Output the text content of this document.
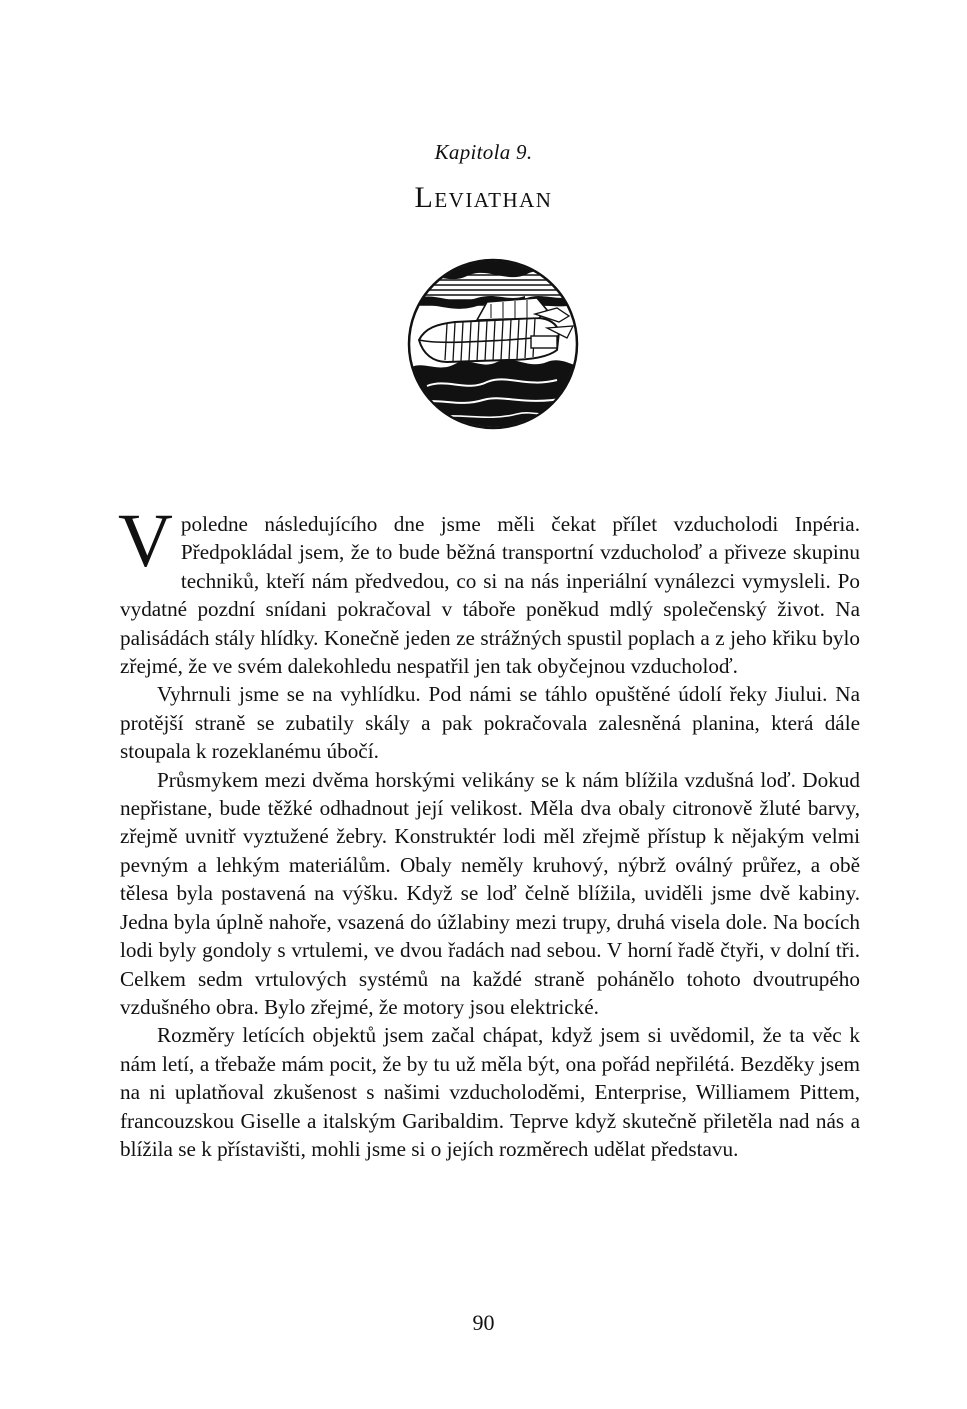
Kapitola 9.
Leviathan

V poledne následujícího dne jsme měli čekat přílet vzducholodi Inpéria. Předpokládal jsem, že to bude běžná transportní vzducholoď a přiveze skupinu techniků, kteří nám předvedou, co si na nás inperiální vynálezci vymysleli. Po vydatné pozdní snídani pokračoval v táboře poněkud mdlý společenský život. Na palisádách stály hlídky. Konečně jeden ze strážných spustil poplach a z jeho křiku bylo zřejmé, že ve svém dalekohledu nespatřil jen tak obyčejnou vzducholoď.

Vyhrnuli jsme se na vyhlídku. Pod námi se táhlo opuštěné údolí řeky Jiului. Na protější straně se zubatily skály a pak pokračovala zalesněná planina, která dále stoupala k rozeklanému úbočí.

Průsmykem mezi dvěma horskými velikány se k nám blížila vzdušná loď. Dokud nepřistane, bude těžké odhadnout její velikost. Měla dva obaly citronově žluté barvy, zřejmě uvnitř vyztužené žebry. Konstruktér lodi měl zřejmě přístup k nějakým velmi pevným a lehkým materiálům. Obaly neměly kruhový, nýbrž oválný průřez, a obě tělesa byla postavená na výšku. Když se loď čelně blížila, uviděli jsme dvě kabiny. Jedna byla úplně nahoře, vsazená do úžlabiny mezi trupy, druhá visela dole. Na bocích lodi byly gondoly s vrtulemi, ve dvou řadách nad sebou. V horní řadě čtyři, v dolní tři. Celkem sedm vrtulových systémů na každé straně pohánělo tohoto dvoutrupého vzdušného obra. Bylo zřejmé, že motory jsou elektrické.

Rozměry letících objektů jsem začal chápat, když jsem si uvědomil, že ta věc k nám letí, a třebaže mám pocit, že by tu už měla být, ona pořád nepřilétá. Bezděky jsem na ni uplatňoval zkušenost s našimi vzducholoděmi, Enterprise, Williamem Pittem, francouzskou Giselle a italským Garibaldim. Teprve když skutečně přiletěla nad nás a blížila se k přístavišti, mohli jsme si o jejích rozměrech udělat představu.

90
